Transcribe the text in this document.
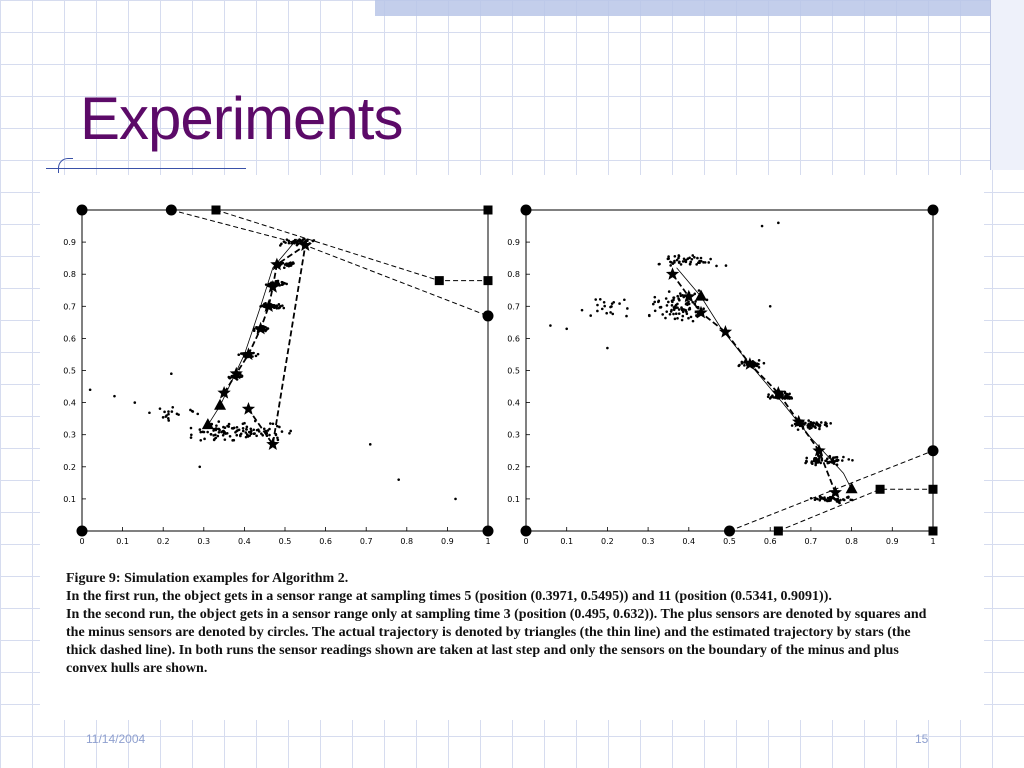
Experiments
0	0.1	0.2	0.3	0.4	0.5	0.6	0.7	0.8	0.9	1
0.1
0.2
0.3
0.4
0.5
0.6
0.7
0.8
0.9
0	0.1	0.2	0.3	0.4	0.5	0.6	0.7	0.8	0.9	1
0.1
0.2
0.3
0.4
0.5
0.6
0.7
0.8
0.9

Figure 9: Simulation examples for Algorithm 2.

In the first run, the object gets in a sensor range at sampling times 5 (position (0.3971, 0.5495)) and 11 (position (0.5341, 0.9091)).

In the second run, the object gets in a sensor range only at sampling time 3 (position (0.495, 0.632)). The plus sensors are denoted by squares and the minus sensors are denoted by circles. The actual trajectory is denoted by triangles (the thin line) and the estimated trajectory by stars (the thick dashed line). In both runs the sensor readings shown are taken at last step and only the sensors on the boundary of the minus and plus convex hulls are shown.

11/14/2004	15
